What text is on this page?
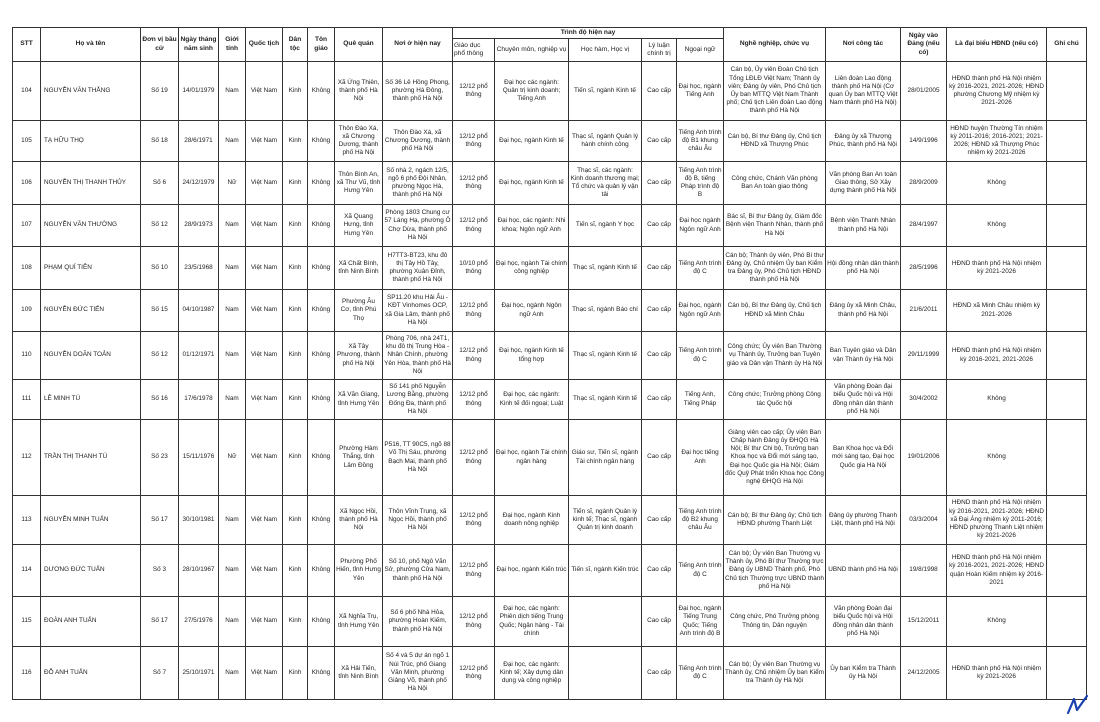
STT	Họ và tên	Đơn vị bầu cử	Ngày tháng năm sinh	Giới tính	Quốc tịch	Dân tộc	Tôn giáo	Quê quán	Nơi ở hiện nay	Trình độ hiện nay					Nghề nghiệp, chức vụ	Nơi công tác	Ngày vào Đảng (nếu có)	Là đại biểu HĐND (nếu có)	Ghi chú
										Giáo dục phổ thông	Chuyên môn, nghiệp vụ	Học hàm, Học vị	Lý luận chính trị	Ngoại ngữ					
104	NGUYỄN VĂN THẮNG	Số 19	14/01/1979	Nam	Việt Nam	Kinh	Không	Xã Ứng Thiên, thành phố Hà Nội	Số 36 Lê Hồng Phong, phường Hà Đông, thành phố Hà Nội	12/12 phổ thông	Đại học các ngành: Quản trị kinh doanh; Tiếng Anh	Tiến sĩ, ngành Kinh tế	Cao cấp	Đại học, ngành Tiếng Anh	Cán bộ, Ủy viên Đoàn Chủ tịch Tổng LĐLĐ Việt Nam; Thành ủy viên; Đảng ủy viên, Phó Chủ tịch Ủy ban MTTQ Việt Nam Thành phố; Chủ tịch Liên đoàn Lao động thành phố Hà Nội	Liên đoàn Lao động thành phố Hà Nội (Cơ quan Ủy ban MTTQ Việt Nam thành phố Hà Nội)	28/01/2005	HĐND thành phố Hà Nội nhiệm kỳ 2016-2021, 2021-2026; HĐND phường Chương Mỹ nhiệm kỳ 2021-2026	
105	TẠ HỮU THỌ	Số 18	28/6/1971	Nam	Việt Nam	Kinh	Không	Thôn Đào Xá, xã Chương Dương, thành phố Hà Nội	Thôn Đào Xá, xã Chương Dương, thành phố Hà Nội	12/12 phổ thông	Đại học, ngành Kinh tế	Thạc sĩ, ngành Quản lý hành chính công	Cao cấp	Tiếng Anh trình độ B1 khung châu Âu	Cán bộ, Bí thư Đảng ủy, Chủ tịch HĐND xã Thượng Phúc	Đảng ủy xã Thượng Phúc, thành phố Hà Nội	14/9/1996	HĐND huyện Thường Tín nhiệm kỳ 2011-2016; 2016-2021; 2021-2026; HĐND xã Thượng Phúc nhiệm kỳ 2021-2026	
106	NGUYỄN THỊ THANH THỦY	Số 6	24/12/1979	Nữ	Việt Nam	Kinh	Không	Thôn Bình An, xã Thư Vũ, tỉnh Hưng Yên	Số nhà 2, ngách 12/5, ngõ 6 phố Đội Nhân, phường Ngọc Hà, thành phố Hà Nội	12/12 phổ thông	Đại học, ngành Kinh tế	Thạc sĩ, các ngành: Kinh doanh thương mại; Tổ chức và quản lý vận tải	Cao cấp	Tiếng Anh trình độ B, tiếng Pháp trình độ B	Công chức, Chánh Văn phòng Ban An toàn giao thông	Văn phòng Ban An toàn Giao thông, Sở Xây dựng thành phố Hà Nội	28/9/2009	Không	
107	NGUYỄN VĂN THƯỜNG	Số 12	28/9/1973	Nam	Việt Nam	Kinh	Không	Xã Quang Hưng, tỉnh Hưng Yên	Phòng 1803 Chung cư 57 Láng Hạ, phường Ô Chợ Dừa, thành phố Hà Nội	12/12 phổ thông	Đại học, các ngành: Nhi khoa; Ngôn ngữ Anh	Tiến sĩ, ngành Y học	Cao cấp	Đại học ngành Ngôn ngữ Anh	Bác sĩ, Bí thư Đảng ủy, Giám đốc Bệnh viện Thanh Nhàn, thành phố Hà Nội	Bệnh viện Thanh Nhàn thành phố Hà Nội	28/4/1997	Không	
108	PHẠM QUÍ TIÊN	Số 10	23/5/1968	Nam	Việt Nam	Kinh	Không	Xã Chất Bình, tỉnh Ninh Bình	H7TT3-BT23, khu đô thị Tây Hồ Tây, phường Xuân Đỉnh, thành phố Hà Nội	10/10 phổ thông	Đại học, ngành Tài chính công nghiệp	Thạc sĩ, ngành Kinh tế	Cao cấp	Tiếng Anh trình độ C	Cán bộ; Thành ủy viên, Phó Bí thư Đảng ủy, Chủ nhiệm Ủy ban Kiểm tra Đảng ủy, Phó Chủ tịch HĐND thành phố Hà Nội	Hội đồng nhân dân thành phố Hà Nội	28/5/1996	HĐND thành phố Hà Nội nhiệm kỳ 2021-2026	
109	NGUYỄN ĐỨC TIẾN	Số 15	04/10/1987	Nam	Việt Nam	Kinh	Không	Phường Âu Cơ, tỉnh Phú Thọ	SP11.20 khu Hải Âu - KĐT Vinhomes OCP, xã Gia Lâm, thành phố Hà Nội	12/12 phổ thông	Đại học, ngành Ngôn ngữ Anh	Thạc sĩ, ngành Báo chí	Cao cấp	Đại học, ngành Ngôn ngữ Anh	Cán bộ, Bí thư Đảng ủy, Chủ tịch HĐND xã Minh Châu	Đảng ủy xã Minh Châu, thành phố Hà Nội	21/6/2011	HĐND xã Minh Châu nhiệm kỳ 2021-2026	
110	NGUYỄN DOÃN TOẢN	Số 12	01/12/1971	Nam	Việt Nam	Kinh	Không	Xã Tây Phương, thành phố Hà Nội	Phòng 706, nhà 24T1, khu đô thị Trung Hòa - Nhân Chính, phường Yên Hòa, thành phố Hà Nội	12/12 phổ thông	Đại học, ngành Kinh tế tổng hợp	Thạc sĩ, ngành Kinh tế	Cao cấp	Tiếng Anh trình độ C	Công chức; Ủy viên Ban Thường vụ Thành ủy, Trưởng ban Tuyên giáo và Dân vận Thành ủy Hà Nội	Ban Tuyên giáo và Dân vận Thành ủy Hà Nội	29/11/1999	HĐND thành phố Hà Nội nhiệm kỳ 2016-2021, 2021-2026	
111	LÊ MINH TÚ	Số 16	17/6/1978	Nam	Việt Nam	Kinh	Không	Xã Văn Giang, tỉnh Hưng Yên	Số 141 phố Nguyễn Lương Bằng, phường Đống Đa, thành phố Hà Nội	12/12 phổ thông	Đại học, các ngành: Kinh tế đối ngoại; Luật	Thạc sĩ, ngành Kinh tế	Cao cấp	Tiếng Anh, Tiếng Pháp	Công chức; Trưởng phòng Công tác Quốc hội	Văn phòng Đoàn đại biểu Quốc hội và Hội đồng nhân dân thành phố Hà Nội	30/4/2002	Không	
112	TRẦN THỊ THANH TÚ	Số 23	15/11/1976	Nữ	Việt Nam	Kinh	Không	Phường Hàm Thắng, tỉnh Lâm Đồng	P516, TT 90C5, ngõ 88 Võ Thị Sáu, phường Bạch Mai, thành phố Hà Nội	12/12 phổ thông	Đại học, ngành Tài chính ngân hàng	Giáo sư, Tiến sĩ, ngành Tài chính ngân hàng	Cao cấp	Đại học tiếng Anh	Giảng viên cao cấp; Ủy viên Ban Chấp hành Đảng ủy ĐHQG Hà Nội; Bí thư Chi bộ, Trưởng ban Khoa học và Đổi mới sáng tạo, Đại học Quốc gia Hà Nội; Giám đốc Quỹ Phát triển Khoa học Công nghệ ĐHQG Hà Nội	Ban Khoa học và Đổi mới sáng tạo, Đại học Quốc gia Hà Nội	19/01/2006	Không	
113	NGUYỄN MINH TUẤN	Số 17	30/10/1981	Nam	Việt Nam	Kinh	Không	Xã Ngọc Hồi, thành phố Hà Nội	Thôn Vĩnh Trung, xã Ngọc Hồi, thành phố Hà Nội	12/12 phổ thông	Đại học, ngành Kinh doanh nông nghiệp	Tiến sĩ, ngành Quản lý kinh tế; Thạc sĩ, ngành Quản trị kinh doanh	Cao cấp	Tiếng Anh trình độ B2 khung châu Âu	Cán bộ; Bí thư Đảng ủy; Chủ tịch HĐND phường Thanh Liệt	Đảng ủy phường Thanh Liệt, thành phố Hà Nội	03/3/2004	HĐND thành phố Hà Nội nhiệm kỳ 2016-2021, 2021-2026; HĐND xã Đại Áng nhiệm kỳ 2011-2016; HĐND phường Thanh Liệt nhiệm kỳ 2021-2026	
114	DƯƠNG ĐỨC TUẤN	Số 3	28/10/1967	Nam	Việt Nam	Kinh	Không	Phường Phố Hiến, tỉnh Hưng Yên	Số 10, phố Ngô Văn Sở, phường Cửa Nam, thành phố Hà Nội	12/12 phổ thông	Đại học, ngành Kiến trúc	Tiến sĩ, ngành Kiến trúc	Cao cấp	Tiếng Anh trình độ C	Cán bộ; Ủy viên Ban Thường vụ Thành ủy, Phó Bí thư Thường trực Đảng ủy UBND Thành phố, Phó Chủ tịch Thường trực UBND thành phố Hà Nội	UBND thành phố Hà Nội	19/8/1998	HĐND thành phố Hà Nội nhiệm kỳ 2016-2021, 2021-2026; HĐND quận Hoàn Kiếm nhiệm kỳ 2016-2021	
115	ĐOÀN ANH TUẤN	Số 17	27/5/1976	Nam	Việt Nam	Kinh	Không	Xã Nghĩa Trụ, tỉnh Hưng Yên	Số 6 phố Nhà Hỏa, phường Hoàn Kiếm, thành phố Hà Nội	12/12 phổ thông	Đại học, các ngành: Phiên dịch tiếng Trung Quốc; Ngân hàng - Tài chính		Cao cấp	Đại học, ngành Tiếng Trung Quốc; Tiếng Anh trình độ B	Công chức, Phó Trưởng phòng Thông tin, Dân nguyện	Văn phòng Đoàn đại biểu Quốc hội và Hội đồng nhân dân thành phố Hà Nội	15/12/2011	Không	
116	ĐỖ ANH TUẤN	Số 7	25/10/1971	Nam	Việt Nam	Kinh	Không	Xã Hải Tiến, tỉnh Ninh Bình	Số 4 và 5 dự án ngõ 1 Núi Trúc, phố Giang Văn Minh, phường Giảng Võ, thành phố Hà Nội	12/12 phổ thông	Đại học, các ngành: Kinh tế; Xây dựng dân dụng và công nghiệp		Cao cấp	Tiếng Anh trình độ C	Cán bộ; Ủy viên Ban Thường vụ Thành ủy, Chủ nhiệm Ủy ban Kiểm tra Thành ủy Hà Nội	Ủy ban Kiểm tra Thành ủy Hà Nội	24/12/2005	HĐND thành phố Hà Nội nhiệm kỳ 2021-2026	
